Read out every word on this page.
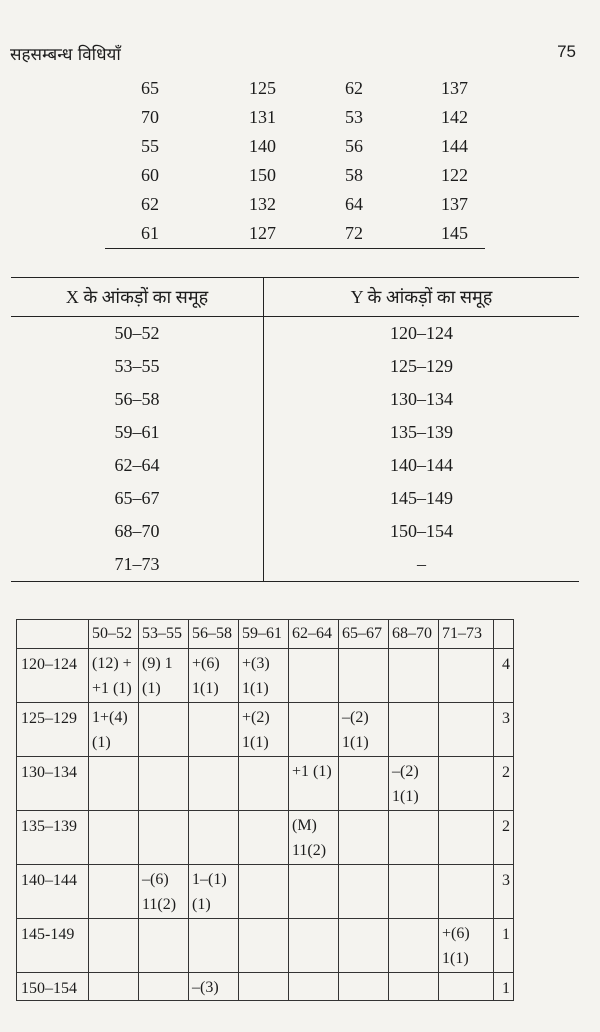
सहसम्बन्ध विधियाँ	75
65	125	62	137
70	131	53	142
55	140	56	144
60	150	58	122
62	132	64	137
61	127	72	145
X के आंकड़ों का समूह	Y के आंकड़ों का समूह
50–52	120–124
53–55	125–129
56–58	130–134
59–61	135–139
62–64	140–144
65–67	145–149
68–70	150–154
71–73	–
	50–52	53–55	56–58	59–61	62–64	65–67	68–70	71–73	
120–124	(12) + +1 (1)	(9) 1 (1)	+(6) 1(1)	+(3) 1(1)					4
125–129	1+(4) (1)			+(2) 1(1)		–(2) 1(1)			3
130–134					+1 (1)		–(2) 1(1)		2
135–139					(M) 11(2)				2
140–144		–(6) 11(2)	1–(1) (1)						3
145-149								+(6) 1(1)	1
150–154			–(3)						1
